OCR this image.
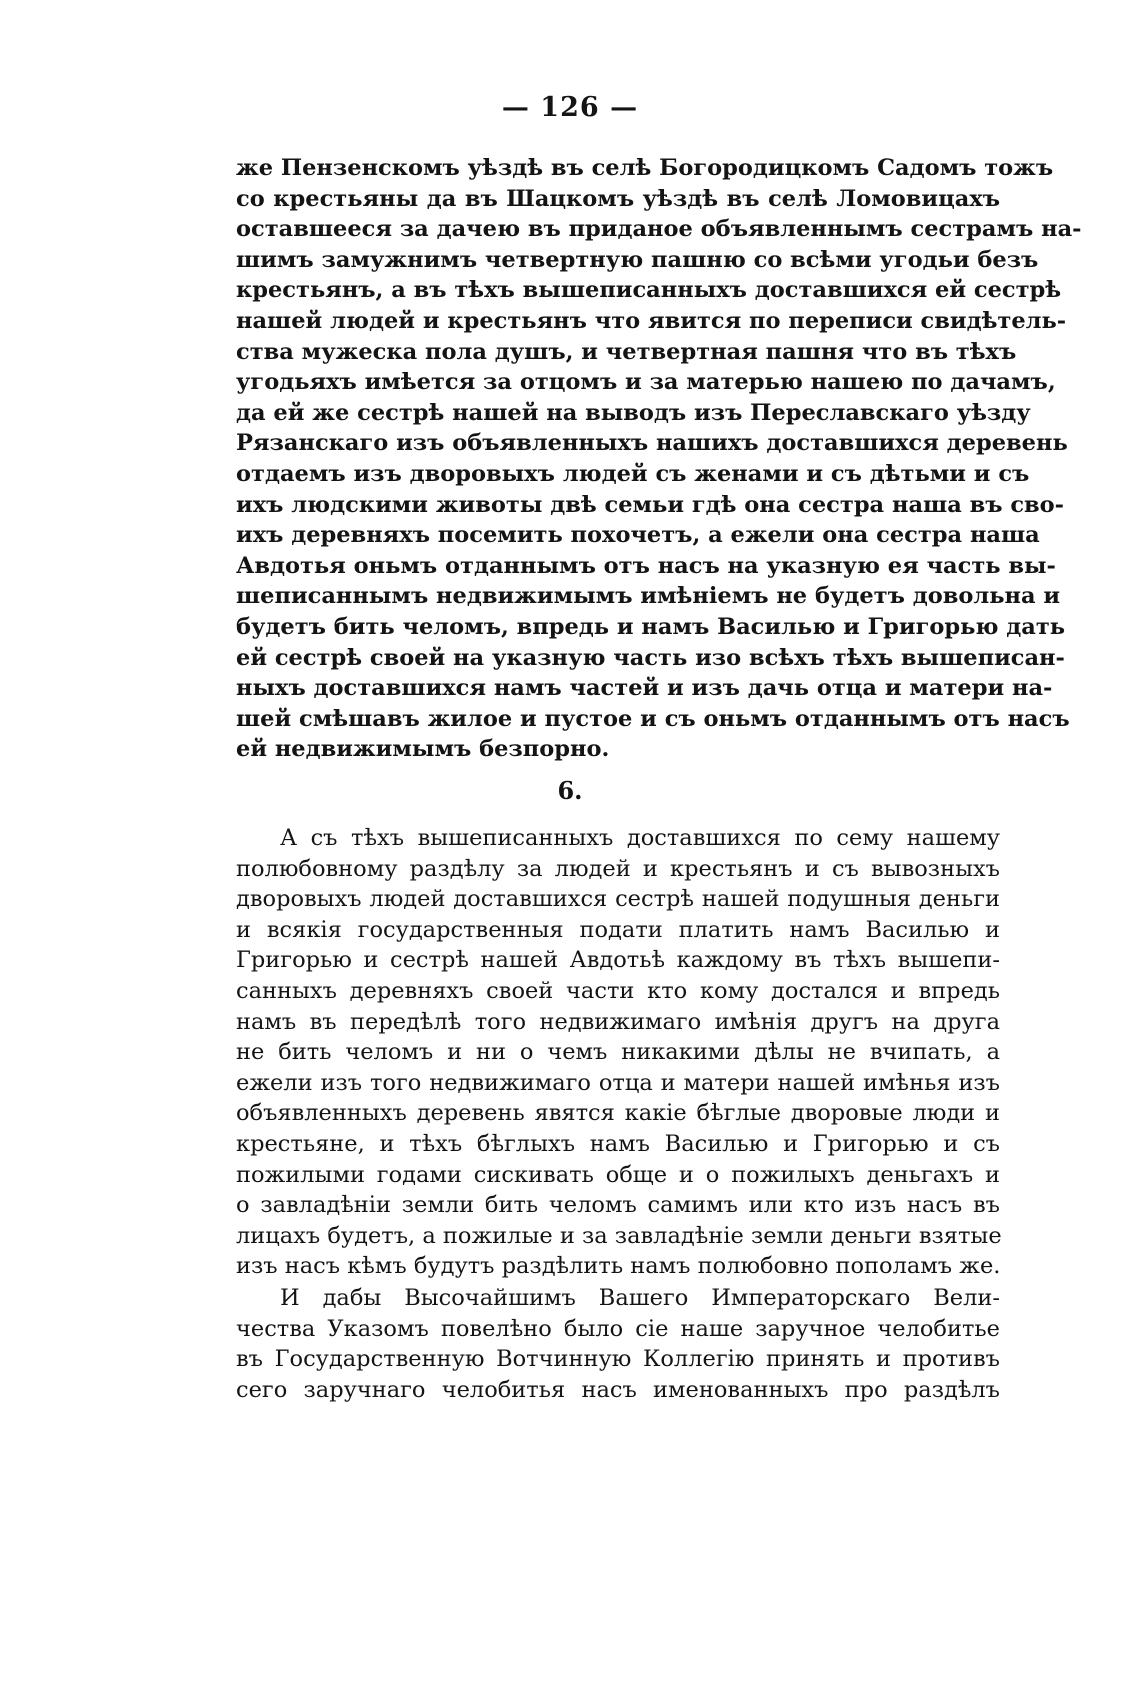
— 126 —
же Пензенскомъ уѣздѣ въ селѣ Богородицкомъ Садомъ тожъ
со крестьяны да въ Шацкомъ уѣздѣ въ селѣ Ломовицахъ
оставшееся за дачею въ приданое объявленнымъ сестрамъ на-
шимъ замужнимъ четвертную пашню со всѣми угодьи безъ
крестьянъ, а въ тѣхъ вышеписанныхъ доставшихся ей сестрѣ
нашей людей и крестьянъ что явится по переписи свидѣтель-
ства мужеска пола душъ, и четвертная пашня что въ тѣхъ
угодьяхъ имѣется за отцомъ и за матерью нашею по дачамъ,
да ей же сестрѣ нашей на выводъ изъ Переславскаго уѣзду
Рязанскаго изъ объявленныхъ нашихъ доставшихся деревень
отдаемъ изъ дворовыхъ людей съ женами и съ дѣтьми и съ
ихъ людскими животы двѣ семьи гдѣ она сестра наша въ сво-
ихъ деревняхъ посемить похочетъ, а ежели она сестра наша
Авдотья оньмъ отданнымъ отъ насъ на указную ея часть вы-
шеписаннымъ недвижимымъ имѣніемъ не будетъ довольна и
будетъ бить челомъ, впредь и намъ Василью и Григорью дать
ей сестрѣ своей на указную часть изо всѣхъ тѣхъ вышеписан-
ныхъ доставшихся намъ частей и изъ дачь отца и матери на-
шей смѣшавъ жилое и пустое и съ оньмъ отданнымъ отъ насъ
ей недвижимымъ безпорно.
6.
А съ тѣхъ вышеписанныхъ доставшихся по сему нашему
полюбовному раздѣлу за людей и крестьянъ и съ вывозныхъ
дворовыхъ людей доставшихся сестрѣ нашей подушныя деньги
и всякія государственныя подати платить намъ Василью и
Григорью и сестрѣ нашей Авдотьѣ каждому въ тѣхъ вышепи-
санныхъ деревняхъ своей части кто кому достался и впредь
намъ въ передѣлѣ того недвижимаго имѣнія другъ на друга
не бить челомъ и ни о чемъ никакими дѣлы не вчипать, а
ежели изъ того недвижимаго отца и матери нашей имѣнья изъ
объявленныхъ деревень явятся какіе бѣглые дворовые люди и
крестьяне, и тѣхъ бѣглыхъ намъ Василью и Григорью и съ
пожилыми годами сискивать обще и о пожилыхъ деньгахъ и
о завладѣніи земли бить челомъ самимъ или кто изъ насъ въ
лицахъ будетъ, а пожилые и за завладѣніе земли деньги взятые
изъ насъ кѣмъ будутъ раздѣлить намъ полюбовно пополамъ же.
И дабы Высочайшимъ Вашего Императорскаго Вели-
чества Указомъ повелѣно было сіе наше заручное челобитье
въ Государственную Вотчинную Коллегію принять и противъ
сего заручнаго челобитья насъ именованныхъ про раздѣлъ
